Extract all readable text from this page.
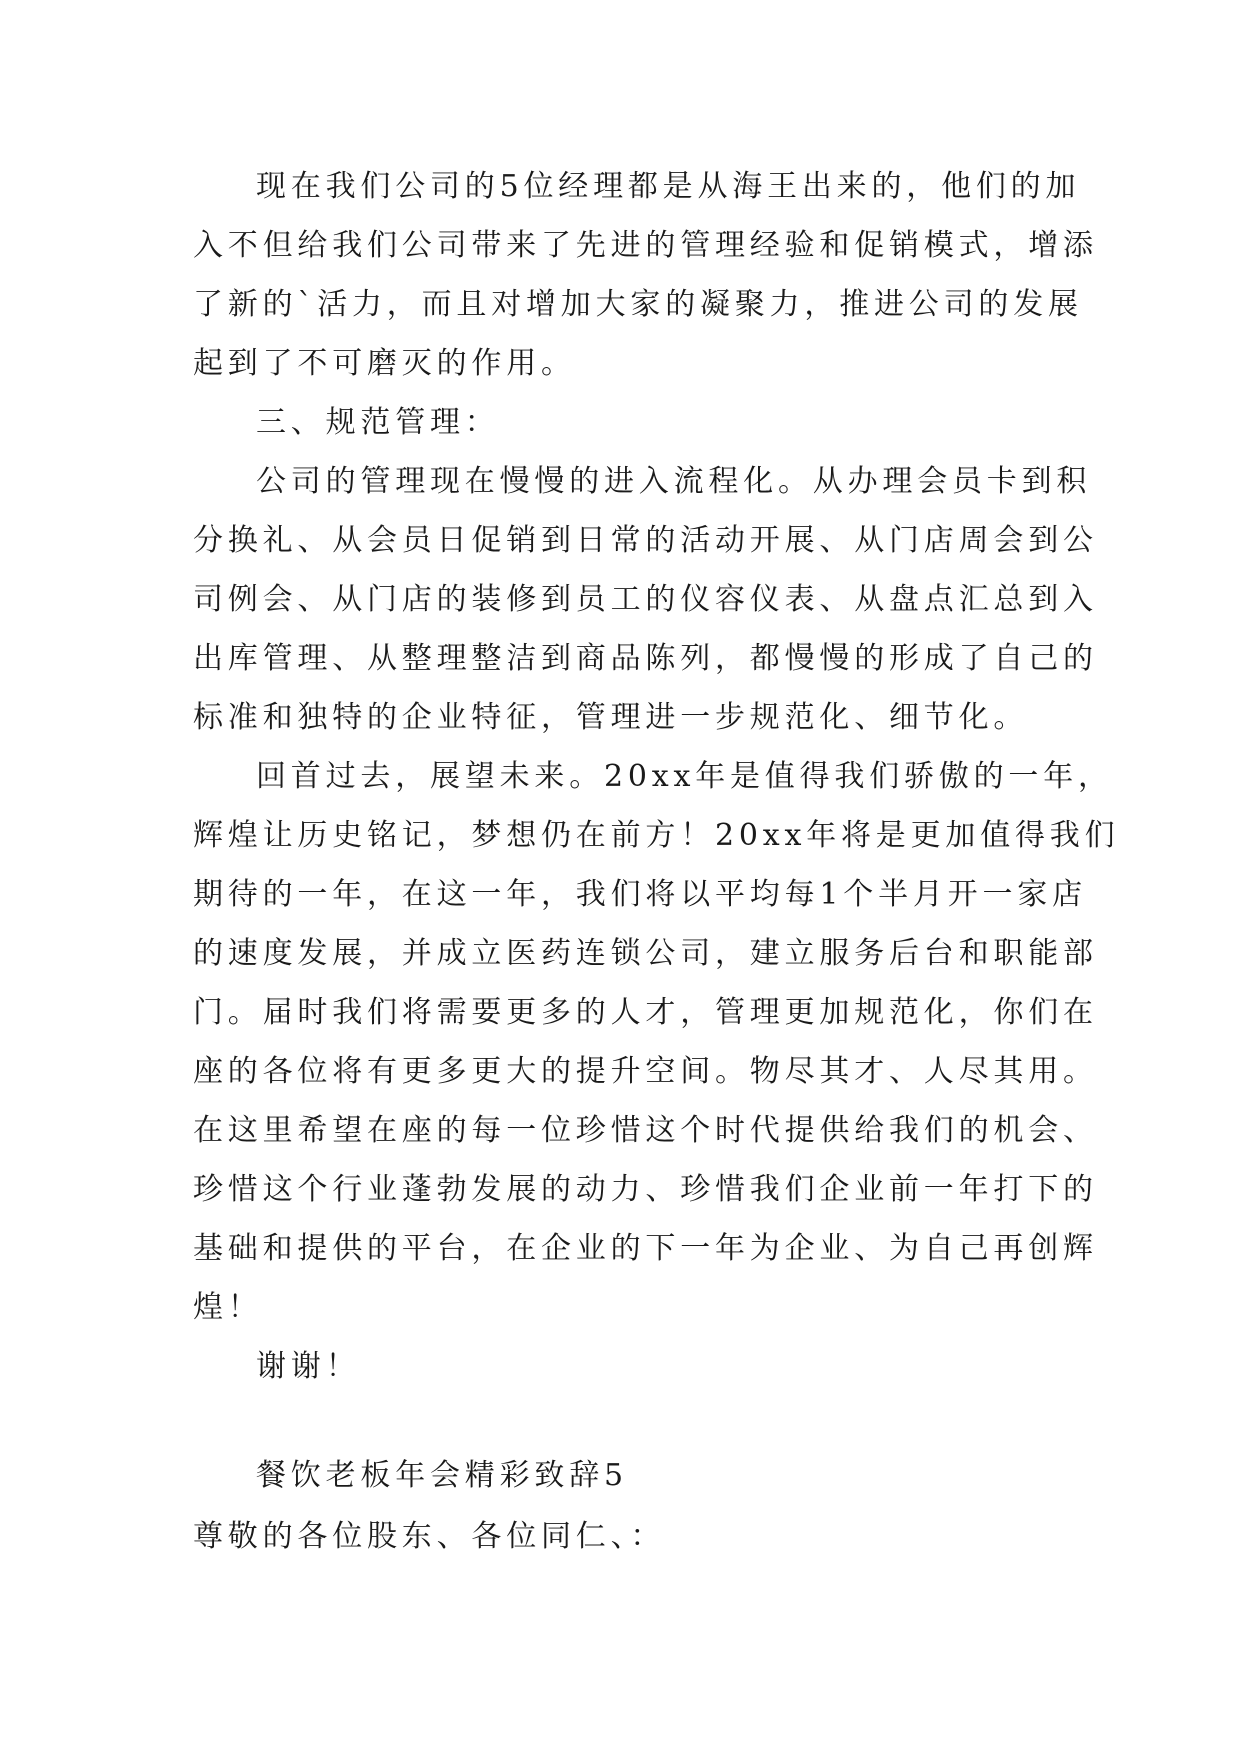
现在我们公司的5位经理都是从海王出来的，他们的加
入不但给我们公司带来了先进的管理经验和促销模式，增添
了新的`活力，而且对增加大家的凝聚力，推进公司的发展
起到了不可磨灭的作用。
三、规范管理：
公司的管理现在慢慢的进入流程化。从办理会员卡到积
分换礼、从会员日促销到日常的活动开展、从门店周会到公
司例会、从门店的装修到员工的仪容仪表、从盘点汇总到入
出库管理、从整理整洁到商品陈列，都慢慢的形成了自己的
标准和独特的企业特征，管理进一步规范化、细节化。
回首过去，展望未来。20xx年是值得我们骄傲的一年，
辉煌让历史铭记，梦想仍在前方！20xx年将是更加值得我们
期待的一年，在这一年，我们将以平均每1个半月开一家店
的速度发展，并成立医药连锁公司，建立服务后台和职能部
门。届时我们将需要更多的人才，管理更加规范化，你们在
座的各位将有更多更大的提升空间。物尽其才、人尽其用。
在这里希望在座的每一位珍惜这个时代提供给我们的机会、
珍惜这个行业蓬勃发展的动力、珍惜我们企业前一年打下的
基础和提供的平台，在企业的下一年为企业、为自己再创辉
煌！
谢谢！
餐饮老板年会精彩致辞5
尊敬的各位股东、各位同仁、：
